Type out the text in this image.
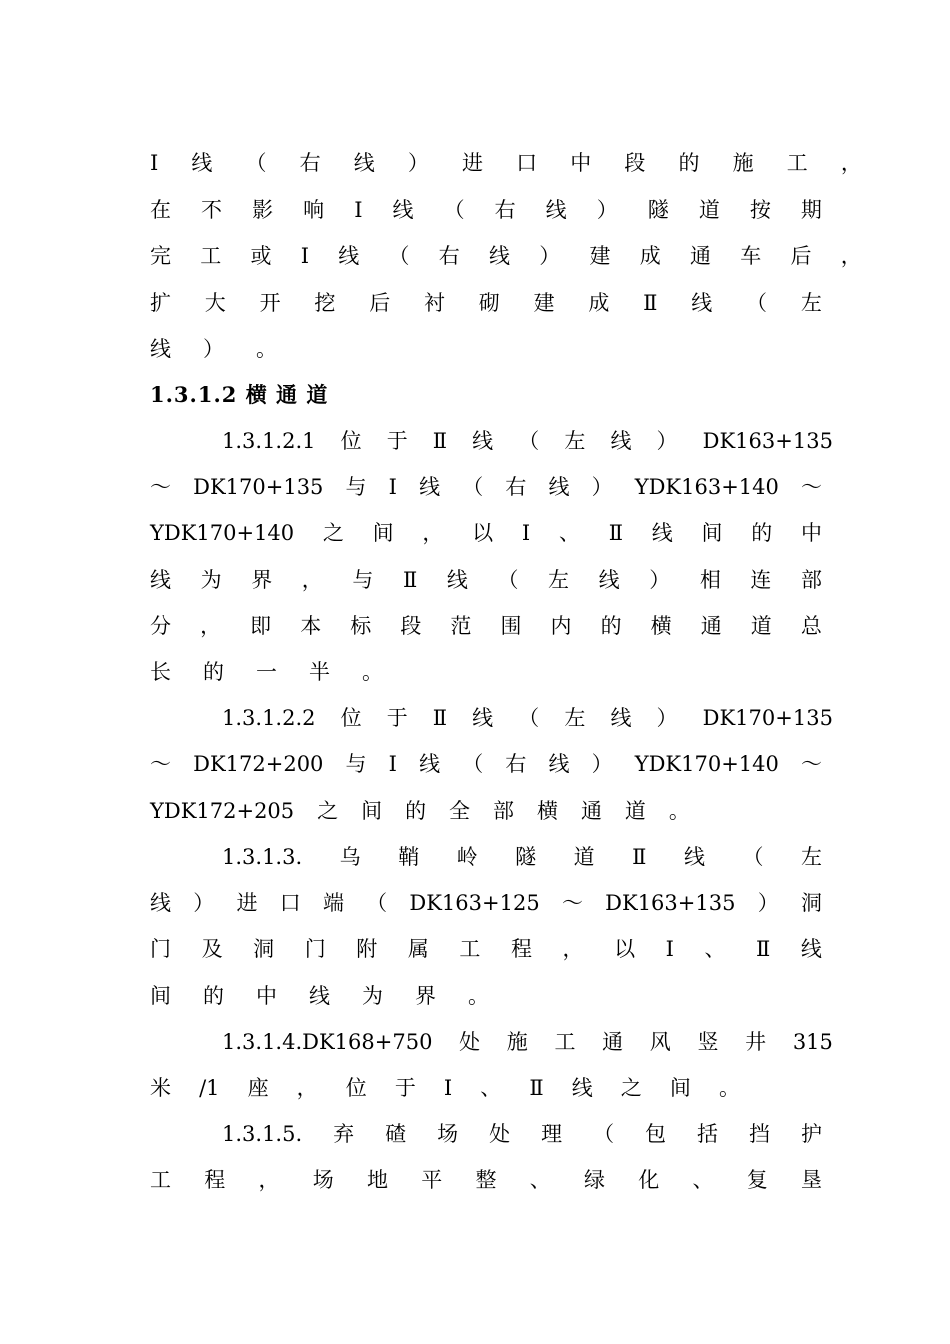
Ⅰ 线 （ 右 线 ） 进 口 中 段 的 施 工 ，
在 不 影 响 Ⅰ 线 （ 右 线 ） 隧 道 按 期
完 工 或 Ⅰ 线 （ 右 线 ） 建 成 通 车 后 ，
扩 大 开 挖 后 衬 砌 建 成 Ⅱ 线 （ 左
线 ） 。
1.3.1.2 横 通 道
1.3.1.2.1 位 于 Ⅱ 线 （ 左 线 ） DK163+135
～ DK170+135 与 Ⅰ 线 （ 右 线 ） YDK163+140 ～
YDK170+140 之 间 ， 以 Ⅰ 、 Ⅱ 线 间 的 中
线 为 界 ， 与 Ⅱ 线 （ 左 线 ） 相 连 部
分 ， 即 本 标 段 范 围 内 的 横 通 道 总
长 的 一 半 。
1.3.1.2.2 位 于 Ⅱ 线 （ 左 线 ） DK170+135
～ DK172+200 与 Ⅰ 线 （ 右 线 ） YDK170+140 ～
YDK172+205 之 间 的 全 部 横 通 道 。
1.3.1.3. 乌 鞘 岭 隧 道 Ⅱ 线 （ 左
线 ） 进 口 端 （ DK163+125 ～ DK163+135 ） 洞
门 及 洞 门 附 属 工 程 ， 以 Ⅰ 、 Ⅱ 线
间 的 中 线 为 界 。
1.3.1.4.DK168+750 处 施 工 通 风 竖 井 315
米 /1 座 ， 位 于 Ⅰ 、 Ⅱ 线 之 间 。
1.3.1.5. 弃 碴 场 处 理 （ 包 括 挡 护
工 程 ， 场 地 平 整 、 绿 化 、 复 垦
